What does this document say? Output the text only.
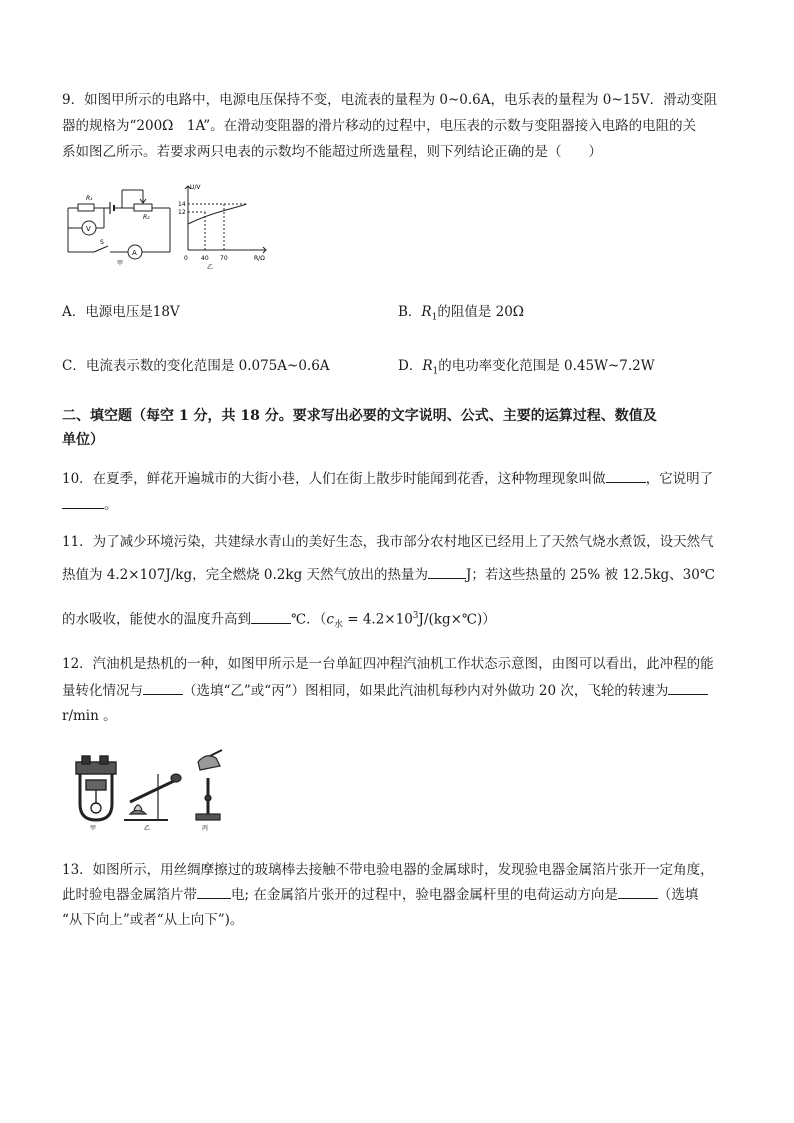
9．如图甲所示的电路中，电源电压保持不变，电流表的量程为 0~0.6A，电乐表的量程为 0~15V．滑动变阻
器的规格为“200Ω　1A”。在滑动变阻器的滑片移动的过程中，电压表的示数与变阻器接入电路的电阻的关
系如图乙所示。若要求两只电表的示数均不能超过所选量程，则下列结论正确的是（　　）
R₁
R₂
V
A
S
甲
U/V
R/Ω
14
12
0 40 70
乙
A．电源电压是18V	B．$R_1$的阻值是 20Ω
C．电流表示数的变化范围是 0.075A~0.6A	D．$R_1$的电功率变化范围是 0.45W~7.2W
二、填空题（每空 1 分，共 18 分。要求写出必要的文字说明、公式、主要的运算过程、数值及
单位）
10．在夏季，鲜花开遍城市的大街小巷，人们在街上散步时能闻到花香，这种物理现象叫做	，它说明了
。
11．为了减少环境污染，共建绿水青山的美好生态，我市部分农村地区已经用上了天然气烧水煮饭，设天然气
热值为 4.2×107J/kg，完全燃烧 0.2kg 天然气放出的热量为	J；若这些热量的 25% 被 12.5kg、30℃
的水吸收，能使水的温度升高到	℃．（$c_水$ = $4.2\times 10^3J/(kg\times℃)$）
12．汽油机是热机的一种，如图甲所示是一台单缸四冲程汽油机工作状态示意图，由图可以看出，此冲程的能
量转化情况与	（选填“乙”或“丙”）图相同，如果此汽油机每秒内对外做功 20 次，飞轮的转速为
r/min 。
甲	乙	丙
13．如图所示，用丝绸摩擦过的玻璃棒去接触不带电验电器的金属球时，发现验电器金属箔片张开一定角度，
此时验电器金属箔片带	电; 在金属箔片张开的过程中，验电器金属杆里的电荷运动方向是	（选填
“从下向上”或者“从上向下”)。
